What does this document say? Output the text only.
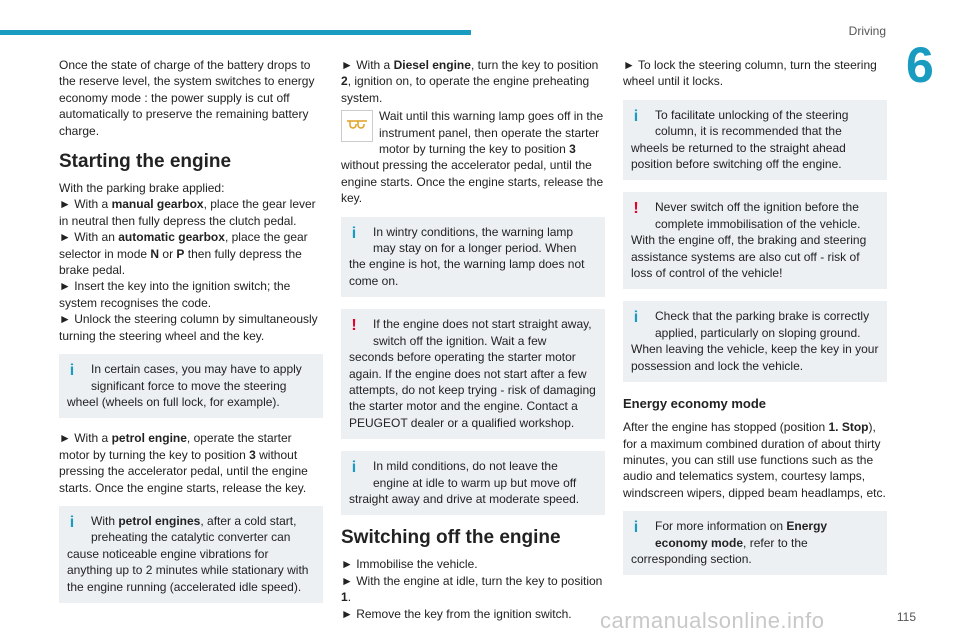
Driving
6

Once the state of charge of the battery drops to the reserve level, the system switches to energy economy mode : the power supply is cut off automatically to preserve the remaining battery charge.

Starting the engine

With the parking brake applied:

► With a manual gearbox, place the gear lever in neutral then fully depress the clutch pedal.

► With an automatic gearbox, place the gear selector in mode N or P then fully depress the brake pedal.

► Insert the key into the ignition switch; the system recognises the code.

► Unlock the steering column by simultaneously turning the steering wheel and the key.

i	In certain cases, you may have to apply significant force to move the steering
wheel (wheels on full lock, for example).

► With a petrol engine, operate the starter motor by turning the key to position 3 without pressing the accelerator pedal, until the engine starts. Once the engine starts, release the key.

i	With petrol engines, after a cold start, preheating the catalytic converter can
cause noticeable engine vibrations for anything up to 2 minutes while stationary with the engine running (accelerated idle speed).

► With a Diesel engine, turn the key to position 2, ignition on, to operate the engine preheating system.

Wait until this warning lamp goes off in the instrument panel, then operate the starter motor by turning the key to position 3 without pressing the accelerator pedal, until the engine starts. Once the engine starts, release the key.
i	In wintry conditions, the warning lamp may stay on for a longer period. When
the engine is hot, the warning lamp does not come on.
!	If the engine does not start straight away, switch off the ignition. Wait a few
seconds before operating the starter motor again. If the engine does not start after a few attempts, do not keep trying - risk of damaging the starter motor and the engine. Contact a PEUGEOT dealer or a qualified workshop.
i	In mild conditions, do not leave the engine at idle to warm up but move off
straight away and drive at moderate speed.
Switching off the engine

► Immobilise the vehicle.

► With the engine at idle, turn the key to position 1.

► Remove the key from the ignition switch.

► To lock the steering column, turn the steering wheel until it locks.

i	To facilitate unlocking of the steering column, it is recommended that the
wheels be returned to the straight ahead position before switching off the engine.
!	Never switch off the ignition before the complete immobilisation of the vehicle.
With the engine off, the braking and steering assistance systems are also cut off - risk of loss of control of the vehicle!
i	Check that the parking brake is correctly applied, particularly on sloping ground.
When leaving the vehicle, keep the key in your possession and lock the vehicle.
Energy economy mode

After the engine has stopped (position 1. Stop), for a maximum combined duration of about thirty minutes, you can still use functions such as the audio and telematics system, courtesy lamps, windscreen wipers, dipped beam headlamps, etc.

i	For more information on Energy economy mode, refer to the
corresponding section.
carmanualsonline.info	115
